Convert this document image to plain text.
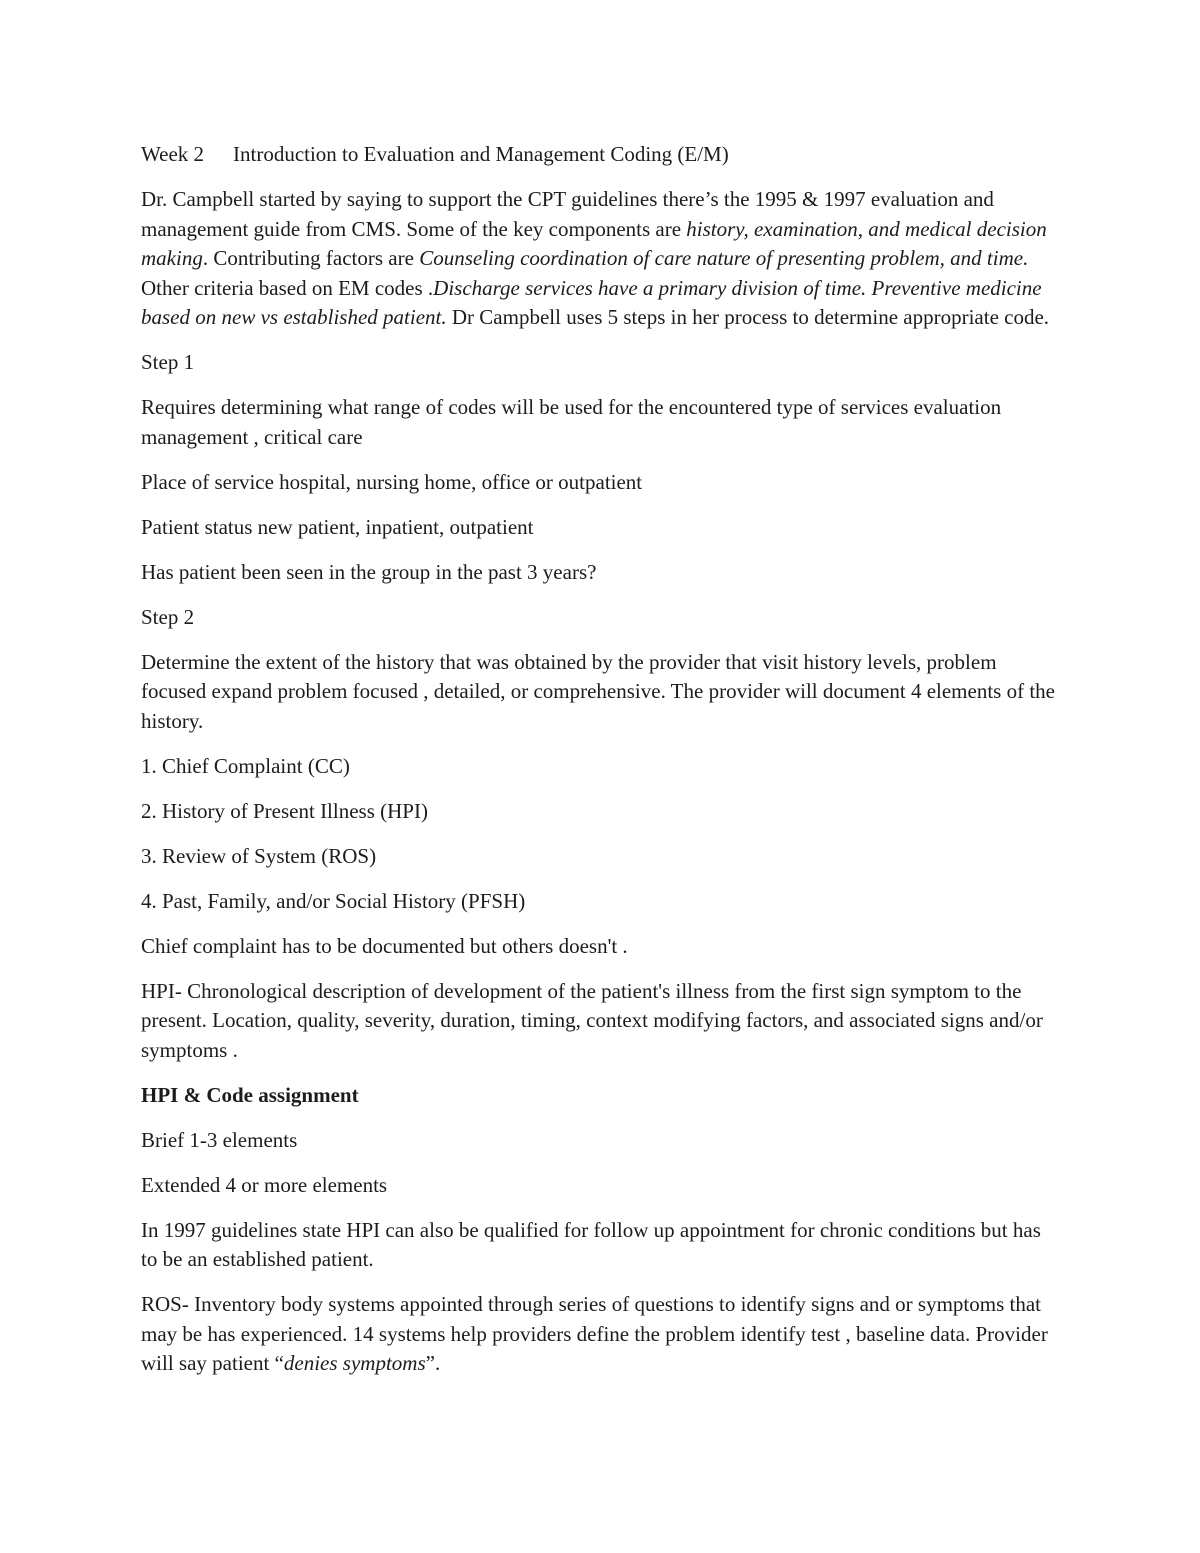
Week 2 Introduction to Evaluation and Management Coding (E/M)

Dr. Campbell started by saying to support the CPT guidelines there’s the 1995 & 1997 evaluation and management guide from CMS. Some of the key components are history, examination, and medical decision making. Contributing factors are Counseling coordination of care nature of presenting problem, and time. Other criteria based on EM codes .Discharge services have a primary division of time. Preventive medicine based on new vs established patient. Dr Campbell uses 5 steps in her process to determine appropriate code.

Step 1

Requires determining what range of codes will be used for the encountered type of services evaluation management , critical care

Place of service hospital, nursing home, office or outpatient

Patient status new patient, inpatient, outpatient

Has patient been seen in the group in the past 3 years?

Step 2

Determine the extent of the history that was obtained by the provider that visit history levels, problem focused expand problem focused , detailed, or comprehensive. The provider will document 4 elements of the history.

1. Chief Complaint (CC)

2. History of Present Illness (HPI)

3. Review of System (ROS)

4. Past, Family, and/or Social History (PFSH)

Chief complaint has to be documented but others doesn't .

HPI- Chronological description of development of the patient's illness from the first sign symptom to the present. Location, quality, severity, duration, timing, context modifying factors, and associated signs and/or symptoms .

HPI & Code assignment

Brief 1-3 elements

Extended 4 or more elements

In 1997 guidelines state HPI can also be qualified for follow up appointment for chronic conditions but has to be an established patient.

ROS- Inventory body systems appointed through series of questions to identify signs and or symptoms that may be has experienced. 14 systems help providers define the problem identify test , baseline data. Provider will say patient “denies symptoms”.
